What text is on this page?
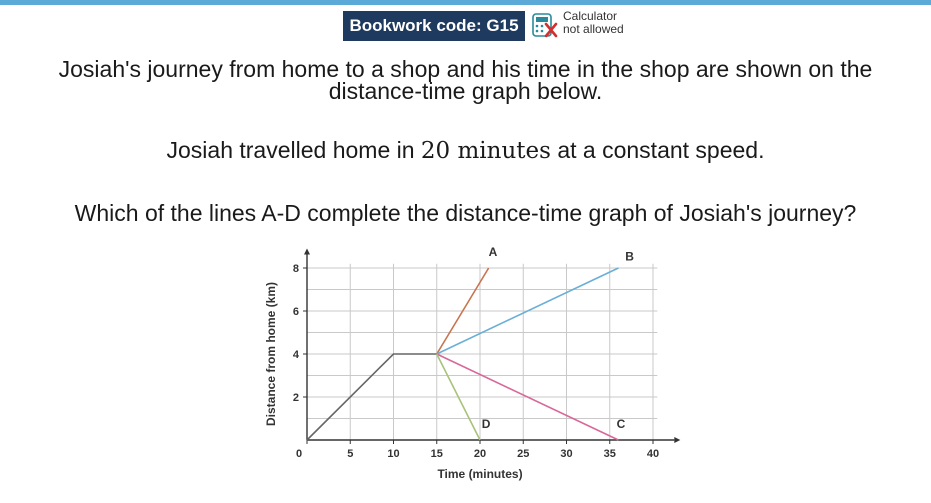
Bookwork code: G15	Calculator
not allowed
Josiah's journey from home to a shop and his time in the shop are shown on the
distance-time graph below.
Josiah travelled home in 20 minutes at a constant speed.
Which of the lines A-D complete the distance-time graph of Josiah's journey?
0	5	10	15	20	25	30	35	40
2
4
6
8
Time (minutes)
Distance from home (km)
A	B
C
D
